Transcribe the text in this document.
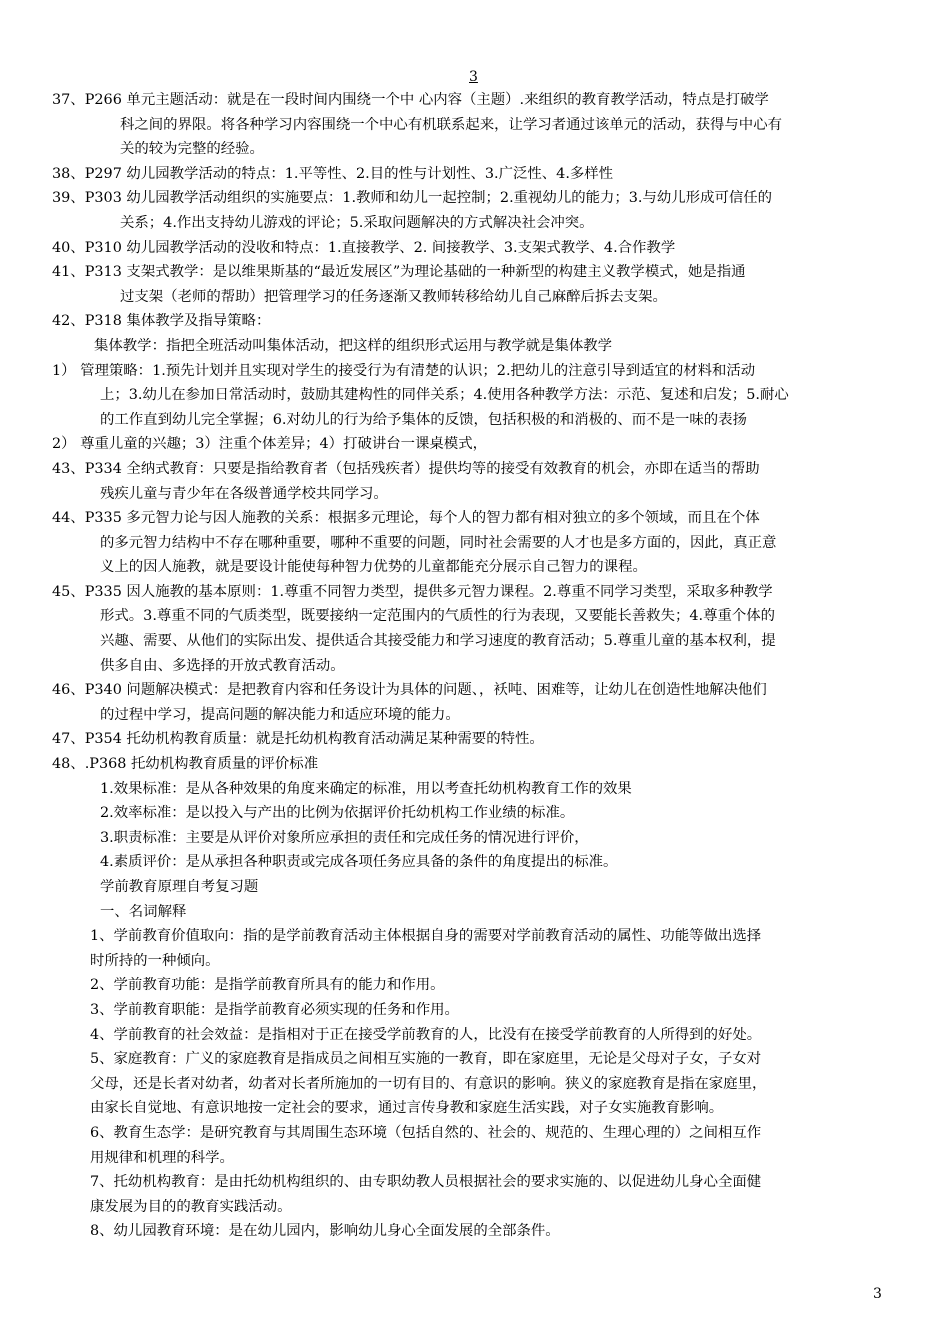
3
37、P266 单元主题活动：就是在一段时间内围绕一个中 心内容（主题）.来组织的教育教学活动，特点是打破学
科之间的界限。将各种学习内容围绕一个中心有机联系起来，让学习者通过该单元的活动，获得与中心有
关的较为完整的经验。
38、P297 幼儿园教学活动的特点：1.平等性、2.目的性与计划性、3.广泛性、4.多样性
39、P303 幼儿园教学活动组织的实施要点：1.教师和幼儿一起控制；2.重视幼儿的能力；3.与幼儿形成可信任的
关系；4.作出支持幼儿游戏的评论；5.采取问题解决的方式解决社会冲突。
40、P310 幼儿园教学活动的没收和特点：1.直接教学、2. 间接教学、3.支架式教学、4.合作教学
41、P313 支架式教学：是以维果斯基的“最近发展区”为理论基础的一种新型的构建主义教学模式，她是指通
过支架（老师的帮助）把管理学习的任务逐渐又教师转移给幼儿自己麻醉后拆去支架。
42、P318 集体教学及指导策略：
集体教学：指把全班活动叫集体活动，把这样的组织形式运用与教学就是集体教学
1） 管理策略：1.预先计划并且实现对学生的接受行为有清楚的认识；2.把幼儿的注意引导到适宜的材料和活动
上；3.幼儿在参加日常活动时，鼓励其建构性的同伴关系；4.使用各种教学方法：示范、复述和启发；5.耐心
的工作直到幼儿完全掌握；6.对幼儿的行为给予集体的反馈，包括积极的和消极的、而不是一味的表扬
2） 尊重儿童的兴趣；3）注重个体差异；4）打破讲台一课桌模式，
43、P334 全纳式教育：只要是指给教育者（包括残疾者）提供均等的接受有效教育的机会，亦即在适当的帮助
残疾儿童与青少年在各级普通学校共同学习。
44、P335 多元智力论与因人施教的关系：根据多元理论，每个人的智力都有相对独立的多个领域，而且在个体
的多元智力结构中不存在哪种重要，哪种不重要的问题，同时社会需要的人才也是多方面的，因此，真正意
义上的因人施教，就是要设计能使每种智力优势的儿童都能充分展示自己智力的课程。
45、P335 因人施教的基本原则：1.尊重不同智力类型，提供多元智力课程。2.尊重不同学习类型，采取多种教学
形式。3.尊重不同的气质类型，既要接纳一定范围内的气质性的行为表现，又要能长善救失；4.尊重个体的
兴趣、需要、从他们的实际出发、提供适合其接受能力和学习速度的教育活动；5.尊重儿童的基本权利，提
供多自由、多选择的开放式教育活动。
46、P340 问题解决模式：是把教育内容和任务设计为具体的问题、，袄吨、困难等，让幼儿在创造性地解决他们
的过程中学习，提高问题的解决能力和适应环境的能力。
47、P354 托幼机构教育质量：就是托幼机构教育活动满足某种需要的特性。
48、.P368 托幼机构教育质量的评价标准
1.效果标准：是从各种效果的角度来确定的标准，用以考查托幼机构教育工作的效果
2.效率标准：是以投入与产出的比例为依据评价托幼机构工作业绩的标准。
3.职责标准：主要是从评价对象所应承担的责任和完成任务的情况进行评价，
4.素质评价：是从承担各种职责或完成各项任务应具备的条件的角度提出的标准。
学前教育原理自考复习题
一、名词解释
1、学前教育价值取向：指的是学前教育活动主体根据自身的需要对学前教育活动的属性、功能等做出选择
时所持的一种倾向。
2、学前教育功能：是指学前教育所具有的能力和作用。
3、学前教育职能：是指学前教育必须实现的任务和作用。
4、学前教育的社会效益：是指相对于正在接受学前教育的人，比没有在接受学前教育的人所得到的好处。
5、家庭教育：广义的家庭教育是指成员之间相互实施的一教育，即在家庭里，无论是父母对子女，子女对
父母，还是长者对幼者，幼者对长者所施加的一切有目的、有意识的影响。狭义的家庭教育是指在家庭里，
由家长自觉地、有意识地按一定社会的要求，通过言传身教和家庭生活实践，对子女实施教育影响。
6、教育生态学：是研究教育与其周围生态环境（包括自然的、社会的、规范的、生理心理的）之间相互作
用规律和机理的科学。
7、托幼机构教育：是由托幼机构组织的、由专职幼教人员根据社会的要求实施的、以促进幼儿身心全面健
康发展为目的的教育实践活动。
8、幼儿园教育环境：是在幼儿园内，影响幼儿身心全面发展的全部条件。
3
